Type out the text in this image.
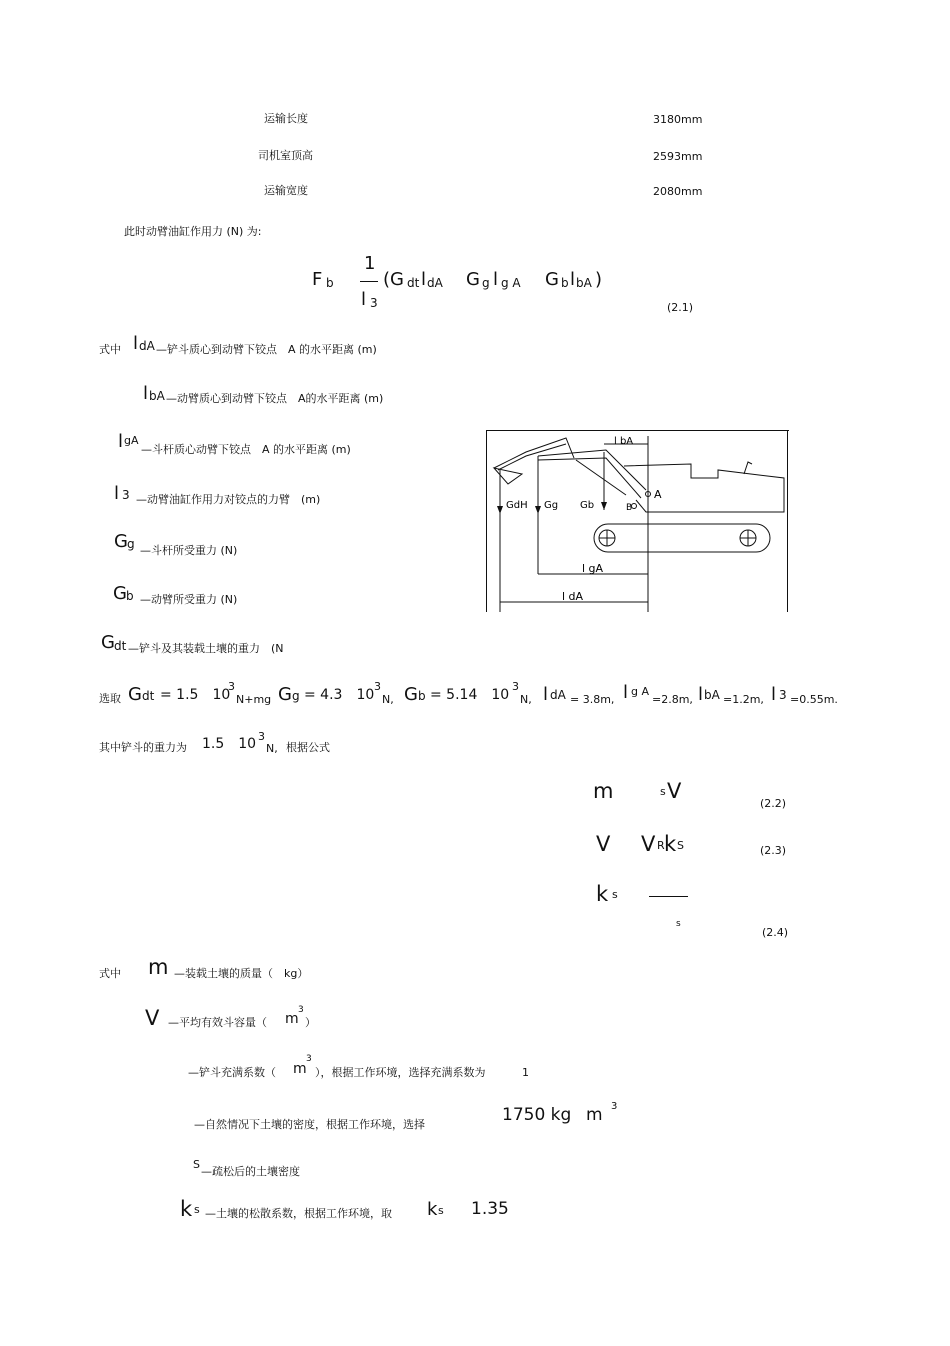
运输长度	3180mm
司机室顶高	2593mm
运输宽度	2080mm
此时动臂油缸作用力 (N) 为:
F b
1
l 3
(G dt l dA G g l g A G b l bA )
(2.1)
式中 l dA —铲斗质心到动臂下铰点　A 的水平距离 (m)
l bA —动臂质心到动臂下铰点　A的水平距离 (m)
l gA
—斗杆质心动臂下铰点　A 的水平距离 (m)
l 3 —动臂油缸作用力对铰点的力臂　(m)
G g —斗杆所受重力 (N)
G b —动臂所受重力 (N)
G dt —铲斗及其装载土壤的重力　(N
l bA
A
GdH Gg Gb	B
l gA
l dA
选取 G dt = 1.5　10
3
N+mg G g = 4.3　10
3
N, G b = 5.14　10
3
N, l dA = 3.8m, l g A
=2.8m, l bA =1.2m, l 3 =0.55m.
其中铲斗的重力为 1.5　10 3
N, 根据公式
m	s V
(2.2)
V V R k S	(2.3)
k s
s
(2.4)
式中 m —装载土壤的质量（　kg）
V —平均有效斗容量（ m
3
）
—铲斗充满系数（ m
3
），根据工作环境，选择充满系数为	1
—自然情况下土壤的密度，根据工作环境，选择	1750 kg m 3
S
—疏松后的土壤密度
k s —土壤的松散系数，根据工作环境，取 k s 1.35
